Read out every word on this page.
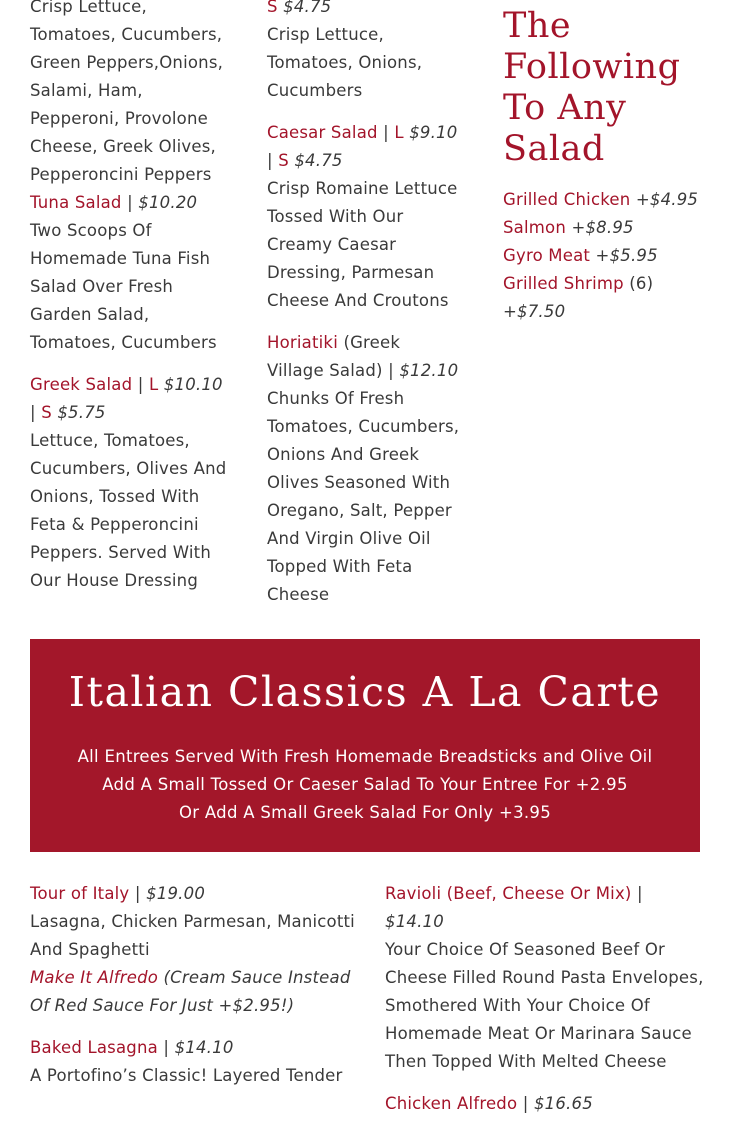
Crisp Lettuce, Tomatoes, Cucumbers, Green Peppers,Onions, Salami, Ham, Pepperoni, Provolone Cheese, Greek Olives, Pepperoncini Peppers

Tuna Salad | $10.20

Two Scoops Of Homemade Tuna Fish Salad Over Fresh Garden Salad, Tomatoes, Cucumbers

Greek Salad | L $10.10 | S $5.75

Lettuce, Tomatoes, Cucumbers, Olives And Onions, Tossed With Feta & Pepperoncini Peppers. Served With Our House Dressing

S $4.75

Crisp Lettuce, Tomatoes, Onions, Cucumbers

Caesar Salad | L $9.10 | S $4.75

Crisp Romaine Lettuce Tossed With Our Creamy Caesar Dressing, Parmesan Cheese And Croutons

Horiatiki (Greek Village Salad) | $12.10

Chunks Of Fresh Tomatoes, Cucumbers, Onions And Greek Olives Seasoned With Oregano, Salt, Pepper And Virgin Olive Oil Topped With Feta Cheese

The
Following
To Any
Salad

Grilled Chicken +$4.95

Salmon +$8.95

Gyro Meat +$5.95

Grilled Shrimp (6) +$7.50

Italian Classics A La Carte

All Entrees Served With Fresh Homemade Breadsticks and Olive Oil

Add A Small Tossed Or Caeser Salad To Your Entree For +2.95

Or Add A Small Greek Salad For Only +3.95

Tour of Italy | $19.00

Lasagna, Chicken Parmesan, Manicotti And Spaghetti

Make It Alfredo (Cream Sauce Instead Of Red Sauce For Just +$2.95!)

Baked Lasagna | $14.10

A Portofino’s Classic! Layered Tender

Ravioli (Beef, Cheese Or Mix) | $14.10

Your Choice Of Seasoned Beef Or Cheese Filled Round Pasta Envelopes, Smothered With Your Choice Of Homemade Meat Or Marinara Sauce Then Topped With Melted Cheese

Chicken Alfredo | $16.65
